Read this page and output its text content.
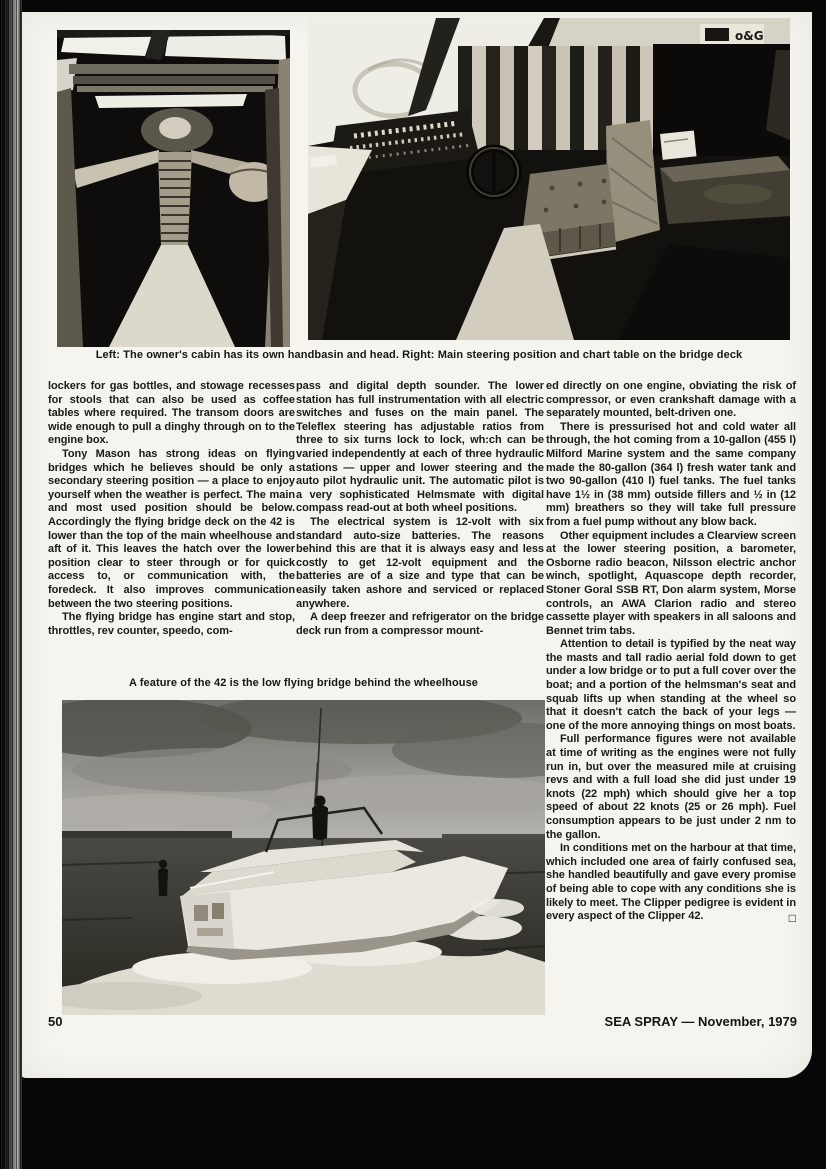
o&G
Left: The owner's cabin has its own handbasin and head. Right: Main steering position and chart table on the bridge deck

lockers for gas bottles, and stowage recesses for stools that can also be used as coffee tables where required. The transom doors are wide enough to pull a dinghy through on to the engine box.

Tony Mason has strong ideas on flying bridges which he believes should be only a secondary steering position — a place to enjoy yourself when the weather is perfect. The main and most used position should be below. Accordingly the flying bridge deck on the 42 is lower than the top of the main wheelhouse and aft of it. This leaves the hatch over the lower position clear to steer through or for quick access to, or communication with, the foredeck. It also improves communication between the two steering positions.

The flying bridge has engine start and stop, throttles, rev counter, speedo, com-

pass and digital depth sounder. The lower station has full instrumentation with all electric switches and fuses on the main panel. The Teleflex steering has adjustable ratios from three to six turns lock to lock, wh:ch can be varied independently at each of three hydraulic stations — upper and lower steering and the auto pilot hydraulic unit. The automatic pilot is a very sophisticated Helmsmate with digital compass read-out at both wheel positions.

The electrical system is 12-volt with six standard auto-size batteries. The reasons behind this are that it is always easy and less costly to get 12-volt equipment and the batteries are of a size and type that can be easily taken ashore and serviced or replaced anywhere.

A deep freezer and refrigerator on the bridge deck run from a compressor mount-

ed directly on one engine, obviating the risk of compressor, or even crankshaft damage with a separately mounted, belt-driven one.

There is pressurised hot and cold water all through, the hot coming from a 10-gallon (455 l) Milford Marine system and the same company made the 80-gallon (364 l) fresh water tank and two 90-gallon (410 l) fuel tanks. The fuel tanks have 1½ in (38 mm) outside fillers and ½ in (12 mm) breathers so they will take full pressure from a fuel pump without any blow back.

Other equipment includes a Clearview screen at the lower steering position, a barometer, Osborne radio beacon, Nilsson electric anchor winch, spotlight, Aquascope depth recorder, Stoner Goral SSB RT, Don alarm system, Morse controls, an AWA Clarion radio and stereo cassette player with speakers in all saloons and Bennet trim tabs.

Attention to detail is typified by the neat way the masts and tall radio aerial fold down to get under a low bridge or to put a full cover over the boat; and a portion of the helmsman's seat and squab lifts up when standing at the wheel so that it doesn't catch the back of your legs — one of the more annoying things on most boats.

Full performance figures were not available at time of writing as the engines were not fully run in, but over the measured mile at cruising revs and with a full load she did just under 19 knots (22 mph) which should give her a top speed of about 22 knots (25 or 26 mph). Fuel consumption appears to be just under 2 nm to the gallon.

In conditions met on the harbour at that time, which included one area of fairly confused sea, she handled beautifully and gave every promise of being able to cope with any conditions she is likely to meet. The Clipper pedigree is evident in every aspect of the Clipper 42.	□
A feature of the 42 is the low flying bridge behind the wheelhouse
50	SEA SPRAY — November, 1979
